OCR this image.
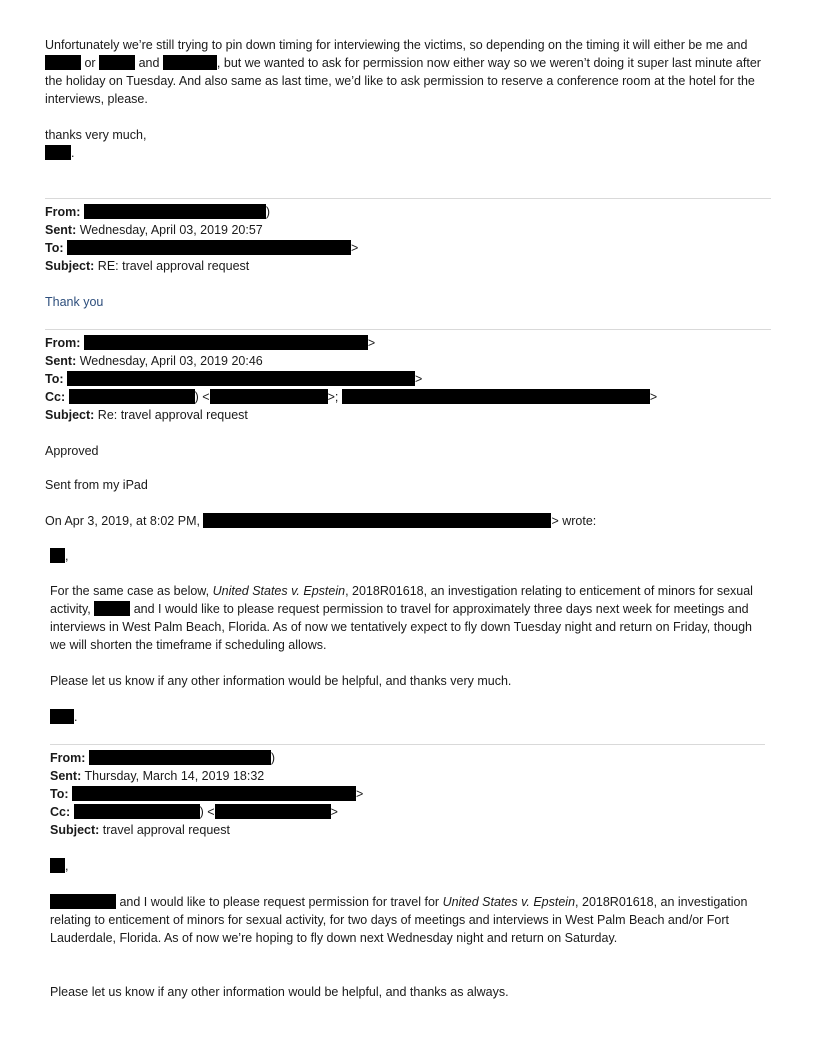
Unfortunately we’re still trying to pin down timing for interviewing the victims, so depending on the timing it will either be me and  or	and	, but we wanted to ask for permission now either way so we weren’t doing it super last minute after the holiday on Tuesday. And also same as last time, we’d like to ask permission to reserve a conference room at the hotel for the interviews, please.

thanks very much,

.

From:	)

Sent: Wednesday, April 03, 2019 20:57

To:	>

Subject: RE: travel approval request

Thank you

From:	>

Sent: Wednesday, April 03, 2019 20:46

To:	>

Cc:	) <	>;	>

Subject: Re: travel approval request

Approved

Sent from my iPad

On Apr 3, 2019, at 8:02 PM,	> wrote:

,

For the same case as below, United States v. Epstein, 2018R01618, an investigation relating to enticement of minors for sexual activity,	and I would like to please request permission to travel for approximately three days next week for meetings and interviews in West Palm Beach, Florida. As of now we tentatively expect to fly down Tuesday night and return on Friday, though we will shorten the timeframe if scheduling allows.

Please let us know if any other information would be helpful, and thanks very much.

.

From:	)

Sent: Thursday, March 14, 2019 18:32

To:	>

Cc:	) <	>

Subject: travel approval request

,

and I would like to please request permission for travel for United States v. Epstein, 2018R01618, an investigation relating to enticement of minors for sexual activity, for two days of meetings and interviews in West Palm Beach and/or Fort Lauderdale, Florida. As of now we’re hoping to fly down next Wednesday night and return on Saturday.

Please let us know if any other information would be helpful, and thanks as always.
